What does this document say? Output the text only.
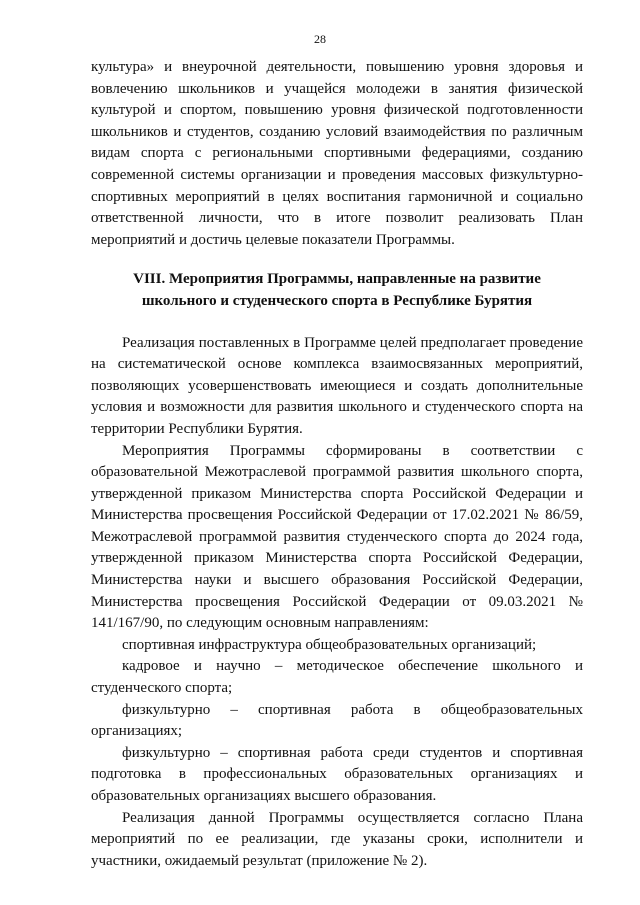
28

культура» и внеурочной деятельности, повышению уровня здоровья и вовлечению школьников и учащейся молодежи в занятия физической культурой и спортом, повышению уровня физической подготовленности школьников и студентов, созданию условий взаимодействия по различным видам спорта с региональными спортивными федерациями, созданию современной системы организации и проведения массовых физкультурно-спортивных мероприятий в целях воспитания гармоничной и социально ответственной личности, что в итоге позволит реализовать План мероприятий и достичь целевые показатели Программы.

VIII. Мероприятия Программы, направленные на развитие
школьного и студенческого спорта в Республике Бурятия

Реализация поставленных в Программе целей предполагает проведение на систематической основе комплекса взаимосвязанных мероприятий, позволяющих усовершенствовать имеющиеся и создать дополнительные условия и возможности для развития школьного и студенческого спорта на территории Республики Бурятия.

Мероприятия Программы сформированы в соответствии с образовательной Межотраслевой программой развития школьного спорта, утвержденной приказом Министерства спорта Российской Федерации и Министерства просвещения Российской Федерации от 17.02.2021 № 86/59, Межотраслевой программой развития студенческого спорта до 2024 года, утвержденной приказом Министерства спорта Российской Федерации, Министерства науки и высшего образования Российской Федерации, Министерства просвещения Российской Федерации от 09.03.2021 № 141/167/90, по следующим основным направлениям:

спортивная инфраструктура общеобразовательных организаций;

кадровое и научно – методическое обеспечение школьного и студенческого спорта;

физкультурно – спортивная работа в общеобразовательных организациях;

физкультурно – спортивная работа среди студентов и спортивная подготовка в профессиональных образовательных организациях и образовательных организациях высшего образования.

Реализация данной Программы осуществляется согласно Плана мероприятий по ее реализации, где указаны сроки, исполнители и участники, ожидаемый результат (приложение № 2).
